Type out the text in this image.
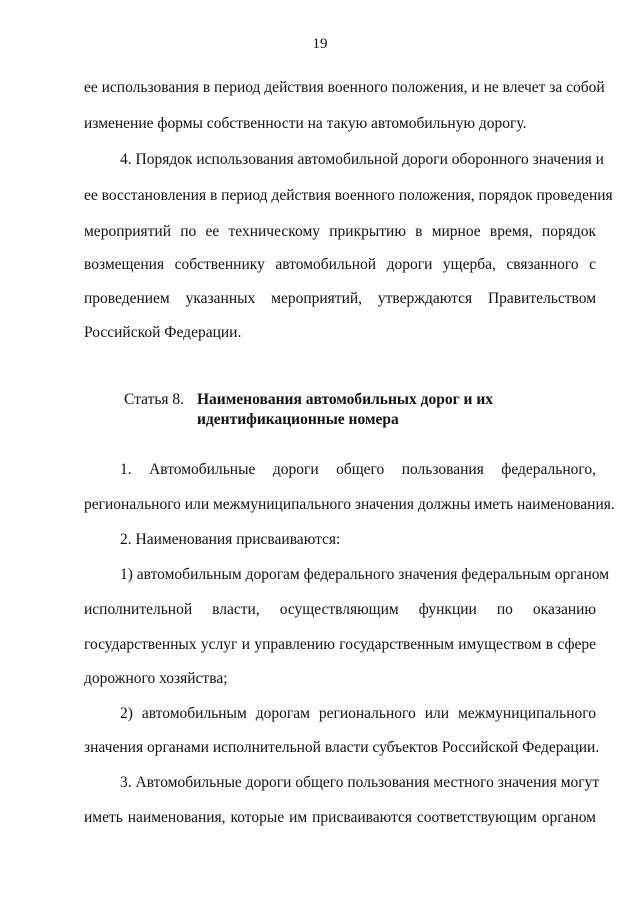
19
ее использования в период действия военного положения, и не влечет за собой
изменение формы собственности на такую автомобильную дорогу.
4. Порядок использования автомобильной дороги оборонного значения и
ее восстановления в период действия военного положения, порядок проведения
мероприятий по ее техническому прикрытию в мирное время, порядок
возмещения собственнику автомобильной дороги ущерба, связанного с
проведением указанных мероприятий, утверждаются Правительством
Российской Федерации.
Статья 8. Наименования автомобильных дорог и их
идентификационные номера
1. Автомобильные дороги общего пользования федерального,
регионального или межмуниципального значения должны иметь наименования.
2. Наименования присваиваются:
1) автомобильным дорогам федерального значения федеральным органом
исполнительной власти, осуществляющим функции по оказанию
государственных услуг и управлению государственным имуществом в сфере
дорожного хозяйства;
2) автомобильным дорогам регионального или межмуниципального
значения органами исполнительной власти субъектов Российской Федерации.
3. Автомобильные дороги общего пользования местного значения могут
иметь наименования, которые им присваиваются соответствующим органом
